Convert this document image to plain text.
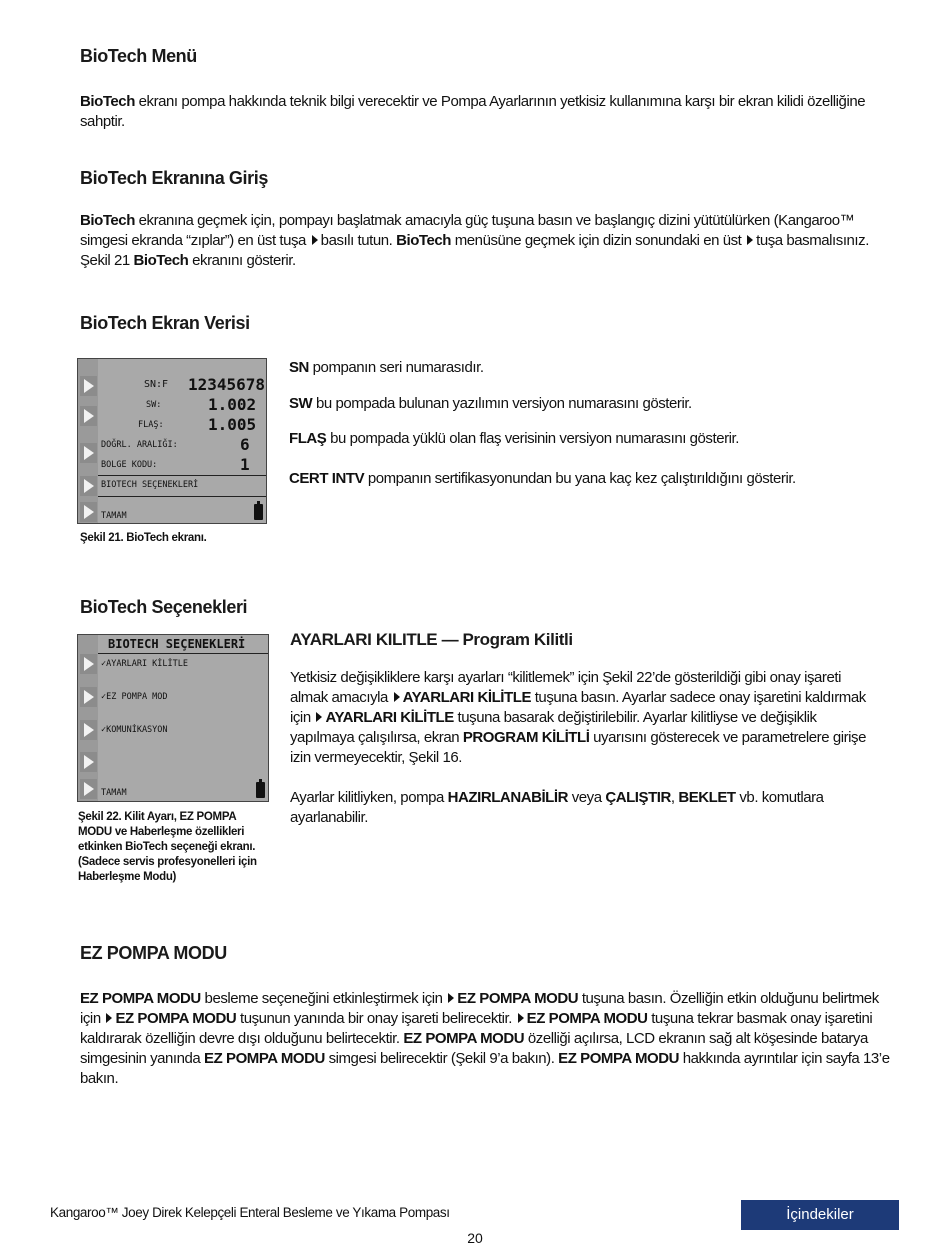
BioTech Menü

BioTech ekranı pompa hakkında teknik bilgi verecektir ve Pompa Ayarlarının yetkisiz kullanımına karşı bir ekran kilidi özelliğine sahptir.

BioTech Ekranına Giriş

BioTech ekranına geçmek için, pompayı başlatmak amacıyla güç tuşuna basın ve başlangıç dizini yütütülürken (Kangaroo™ simgesi ekranda “zıplar”) en üst tuşa basılı tutun. BioTech menüsüne geçmek için dizin sonundaki en üst tuşa basmalısınız. Şekil 21 BioTech ekranını gösterir.

BioTech Ekran Verisi
SN:F 12345678
SW:	1.002
FLAŞ:	1.005
DOĞRL. ARALIĞI:	6
BOLGE KODU:	1
BIOTECH SEÇENEKLERİ
TAMAM
Şekil 21. BioTech ekranı.

SN pompanın seri numarasıdır.

SW bu pompada bulunan yazılımın versiyon numarasını gösterir.

FLAŞ bu pompada yüklü olan flaş verisinin versiyon numarasını gösterir.

CERT INTV pompanın sertifikasyonundan bu yana kaç kez çalıştırıldığını gösterir.

BioTech Seçenekleri
BIOTECH SEÇENEKLERİ
✓AYARLARI KİLİTLE
✓EZ POMPA MOD
✓KOMUNİKASYON
TAMAM
Şekil 22. Kilit Ayarı, EZ POMPA MODU ve Haberleşme özellikleri etkinken BioTech seçeneği ekranı. (Sadece servis profesyonelleri için Haberleşme Modu)
AYARLARI KILITLE — Program Kilitli

Yetkisiz değişikliklere karşı ayarları “kilitlemek” için Şekil 22’de gösterildiği gibi onay işareti almak amacıyla AYARLARI KİLİTLE tuşuna basın. Ayarlar sadece onay işaretini kaldırmak için AYARLARI KİLİTLE tuşuna basarak değiştirilebilir. Ayarlar kilitliyse ve değişiklik yapılmaya çalışılırsa, ekran PROGRAM KİLİTLİ uyarısını gösterecek ve parametrelere girişe izin vermeyecektir, Şekil 16.

Ayarlar kilitliyken, pompa HAZIRLANABİLİR veya ÇALIŞTIR, BEKLET vb. komutlara ayarlanabilir.

EZ POMPA MODU

EZ POMPA MODU besleme seçeneğini etkinleştirmek için EZ POMPA MODU tuşuna basın. Özelliğin etkin olduğunu belirtmek için EZ POMPA MODU tuşunun yanında bir onay işareti belirecektir. EZ POMPA MODU tuşuna tekrar basmak onay işaretini kaldırarak özelliğin devre dışı olduğunu belirtecektir. EZ POMPA MODU özelliği açılırsa, LCD ekranın sağ alt köşesinde batarya simgesinin yanında EZ POMPA MODU simgesi belirecektir (Şekil 9’a bakın). EZ POMPA MODU hakkında ayrıntılar için sayfa 13’e bakın.

Kangaroo™ Joey Direk Kelepçeli Enteral Besleme ve Yıkama Pompası	İçindekiler
20
